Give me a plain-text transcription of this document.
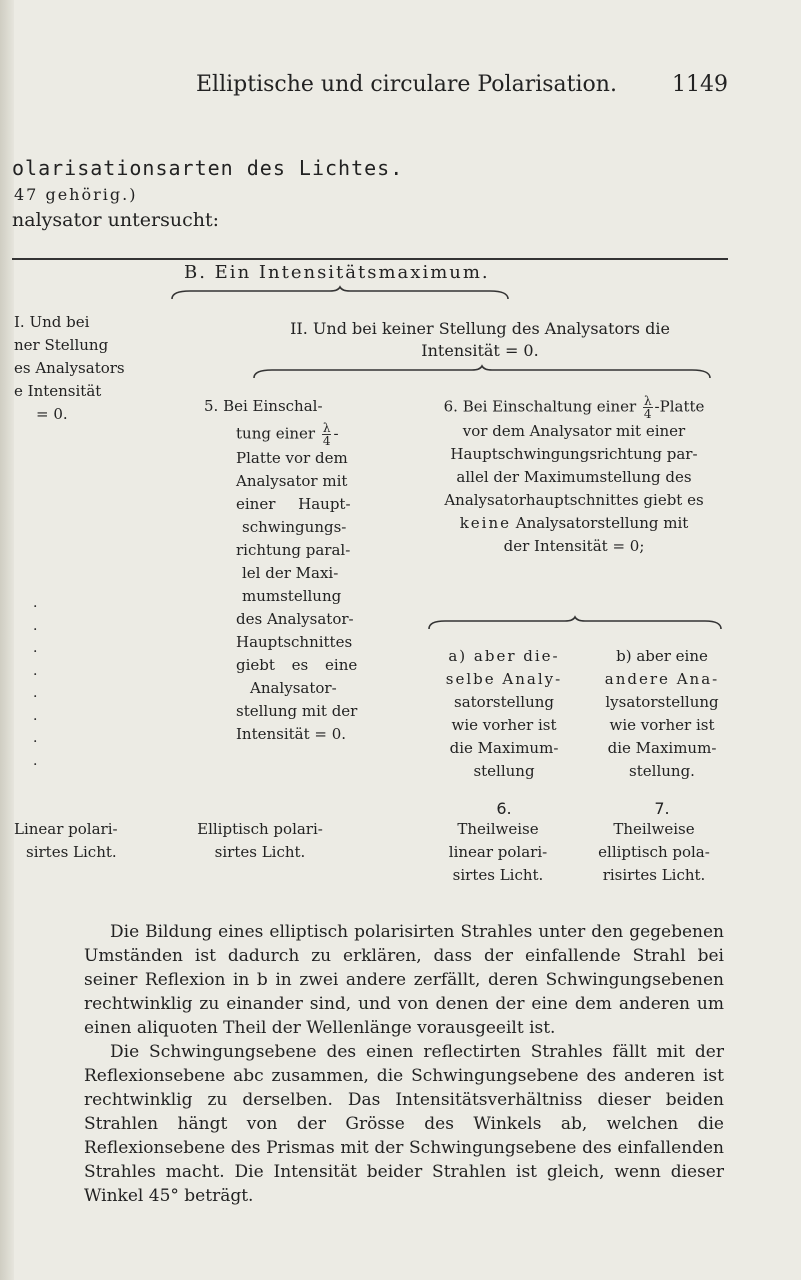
Elliptische und circulare Polarisation.	1149
olarisationsarten des Lichtes.
47 gehörig.)
nalysator untersucht:
B. Ein Intensitätsmaximum.
I. Und bei
ner Stellung
es Analysators
e Intensität
= 0.
II. Und bei keiner Stellung des Analysators die
Intensität = 0.
5. Bei Einschal-
tung einer $\frac{\lambda}{4}$ -
Platte vor dem
Analysator mit
einer Haupt-
schwingungs-
richtung paral-
lel der Maxi-
mumstellung
des Analysator-
Hauptschnittes
giebt es eine
Analysator-
stellung mit der
Intensität = 0.
6. Bei Einschaltung einer $\frac{\lambda}{4}$ -Platte
vor dem Analysator mit einer
Hauptschwingungsrichtung par-
allel der Maximumstellung des
Analysatorhauptschnittes giebt es
keine Analysatorstellung mit
der Intensität = 0;
a) aber die-
selbe Analy-
satorstellung
wie vorher ist
die Maximum-
stellung
6.
b) aber eine
andere Ana-
lysatorstellung
wie vorher ist
die Maximum-
stellung.
7.
·
·
·
·
·
·
·
·
Linear polari-
sirtes Licht.
Elliptisch polari-
sirtes Licht.
Theilweise
linear polari-
sirtes Licht.
Theilweise
elliptisch pola-
risirtes Licht.

Die Bildung eines elliptisch polarisirten Strahles unter den gegebenen Umständen ist dadurch zu erklären, dass der einfallende Strahl bei seiner Reflexion in b in zwei andere zerfällt, deren Schwingungsebenen rechtwinklig zu einander sind, und von denen der eine dem anderen um einen aliquoten Theil der Wellenlänge vorausgeeilt ist.

Die Schwingungsebene des einen reflectirten Strahles fällt mit der Reflexionsebene abc zusammen, die Schwingungsebene des anderen ist rechtwinklig zu derselben. Das Intensitätsverhältniss dieser beiden Strahlen hängt von der Grösse des Winkels ab, welchen die Reflexionsebene des Prismas mit der Schwingungsebene des einfallenden Strahles macht. Die Intensität beider Strahlen ist gleich, wenn dieser Winkel 45° beträgt.
